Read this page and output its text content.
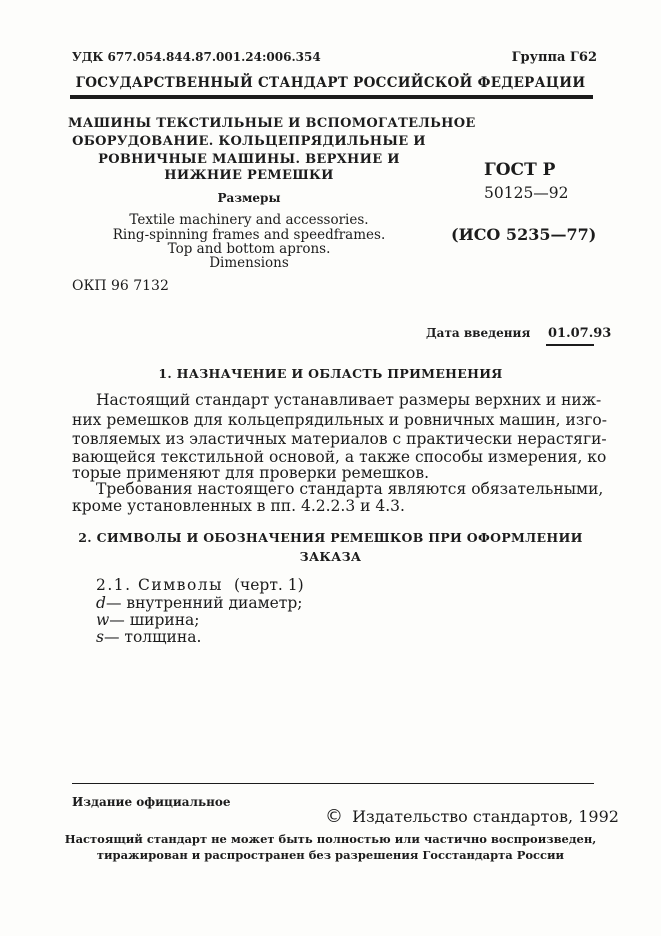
УДК 677.054.844.87.001.24:006.354	Группа Г62
ГОСУДАРСТВЕННЫЙ СТАНДАРТ РОССИЙСКОЙ ФЕДЕРАЦИИ
МАШИНЫ ТЕКСТИЛЬНЫЕ И ВСПОМОГАТЕЛЬНОЕ
ОБОРУДОВАНИЕ. КОЛЬЦЕПРЯДИЛЬНЫЕ И
РОВНИЧНЫЕ МАШИНЫ. ВЕРХНИЕ И
НИЖНИЕ РЕМЕШКИ
Размеры
Textile machinery and accessories.
Ring-spinning frames and speedframes.
Top and bottom aprons.
Dimensions
ГОСТ Р
50125—92
(ИСО 5235—77)
ОКП 96 7132
Дата введения 01.07.93
1. НАЗНАЧЕНИЕ И ОБЛАСТЬ ПРИМЕНЕНИЯ
Настоящий стандарт устанавливает размеры верхних и ниж-
них ремешков для кольцепрядильных и ровничных машин, изго-
товляемых из эластичных материалов с практически нерастяги-
вающейся текстильной основой, а также способы измерения, ко
торые применяют для проверки ремешков.
Требования настоящего стандарта являются обязательными,
кроме установленных в пп. 4.2.2.3 и 4.3.
2. СИМВОЛЫ И ОБОЗНАЧЕНИЯ РЕМЕШКОВ ПРИ ОФОРМЛЕНИИ
ЗАКАЗА
2.1. Символы (черт. 1)
d— внутренний диаметр;
w— ширина;
s— толщина.
Издание официальное
© Издательство стандартов, 1992
Настоящий стандарт не может быть полностью или частично воспроизведен,
тиражирован и распространен без разрешения Госстандарта России
